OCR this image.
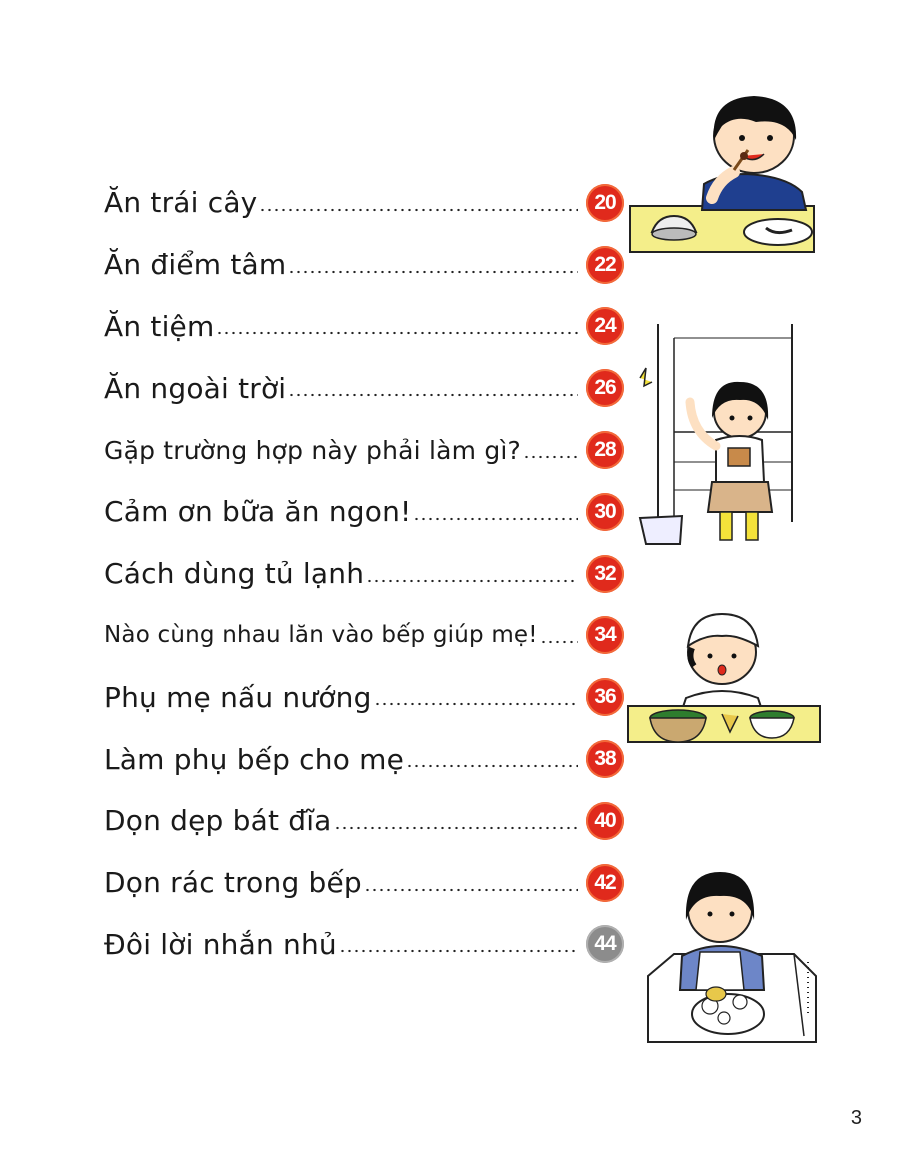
Ăn trái cây	20
Ăn điểm tâm	22
Ăn tiệm	24
Ăn ngoài trời	26
Gặp trường hợp này phải làm gì?	28
Cảm ơn bữa ăn ngon!	30
Cách dùng tủ lạnh	32
Nào cùng nhau lăn vào bếp giúp mẹ!	34
Phụ mẹ nấu nướng	36
Làm phụ bếp cho mẹ	38
Dọn dẹp bát đĩa	40
Dọn rác trong bếp	42
Đôi lời nhắn nhủ	44
3
